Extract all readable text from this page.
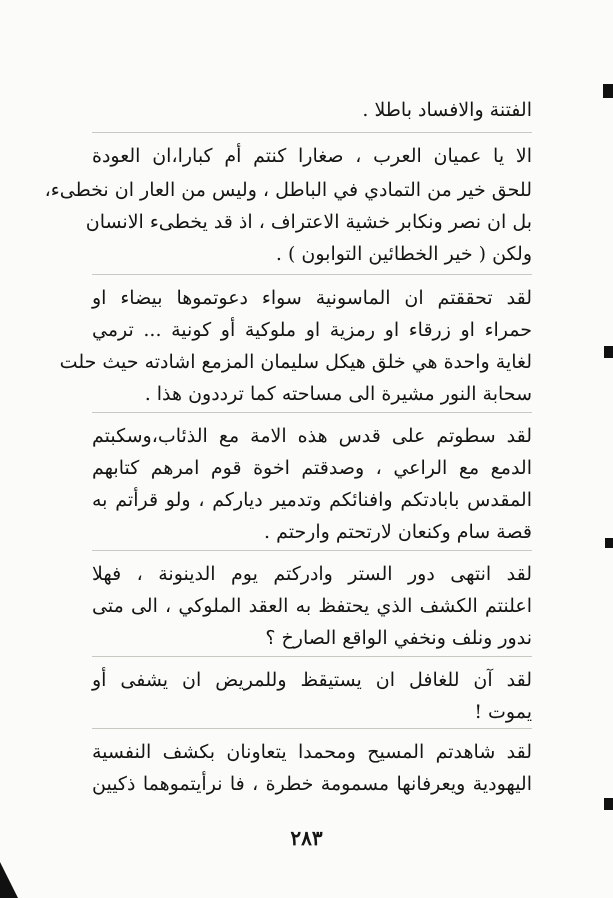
الفتنة والافساد باطلا .
الا يا عميان العرب ، صغارا كنتم أم كبارا،ان العودة
للحق خير من التمادي في الباطل ، وليس من العار ان نخطىء،
بل ان نصر ونكابر خشية الاعتراف ، اذ قد يخطىء الانسان
ولكن ( خير الخطائين التوابون ) .
لقد تحققتم ان الماسونية سواء دعوتموها بيضاء او
حمراء او زرقاء او رمزية او ملوكية أو كونية ... ترمي
لغاية واحدة هي خلق هيكل سليمان المزمع اشادته حيث حلت
سحابة النور مشيرة الى مساحته كما ترددون هذا .
لقد سطوتم على قدس هذه الامة مع الذئاب،وسكبتم
الدمع مع الراعي ، وصدقتم اخوة قوم امرهم كتابهم
المقدس بابادتكم وافنائكم وتدمير دياركم ، ولو قرأتم به
قصة سام وكنعان لارتحتم وارحتم .
لقد انتهى دور الستر وادركتم يوم الدينونة ، فهلا
اعلنتم الكشف الذي يحتفظ به العقد الملوكي ، الى متى
ندور ونلف ونخفي الواقع الصارخ ؟
لقد آن للغافل ان يستيقظ وللمريض ان يشفى أو
يموت !
لقد شاهدتم المسيح ومحمدا يتعاونان بكشف النفسية
اليهودية ويعرفانها مسمومة خطرة ، فا نرأيتموهما ذكيين
٢٨٣
